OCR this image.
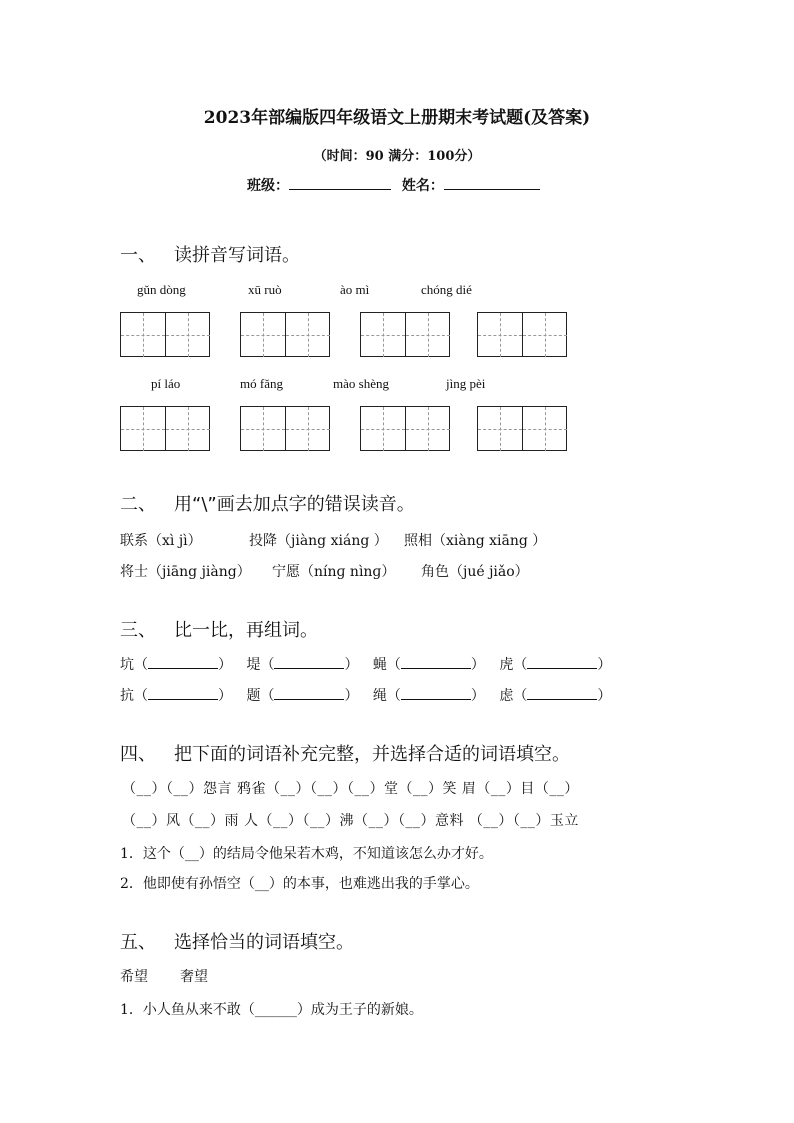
2023年部编版四年级语文上册期末考试题(及答案)
（时间：90 满分：100分）
班级：	姓名：
一、 读拼音写词语。
gǔn dòng	xū ruò	ào mì	chóng dié
pí láo	mó fǎng	mào shèng	jìng pèi
二、 用“\”画去加点字的错误读音。
联系（xì jì）	投降（jiàng xiáng ） 照相（xiàng xiāng ）
将士（jiāng jiàng） 宁愿（nínɡ nìnɡ） 角色（jué jiǎo）
三、 比一比，再组词。
坑（	） 堤（	） 蝇（	） 虎（	）
抗（	） 题（	） 绳（	） 虑（	）
四、 把下面的词语补充完整，并选择合适的词语填空。
（__）（__）怨言 鸦雀（__）（__）（__）堂（__）笑 眉（__）目（__）
（__）风（__）雨 人（__）（__）沸（__）（__）意料 （__）（__）玉立
1．这个（__）的结局令他呆若木鸡，不知道该怎么办才好。
2．他即使有孙悟空（__）的本事，也难逃出我的手掌心。
五、 选择恰当的词语填空。
希望 奢望
1．小人鱼从来不敢（______）成为王子的新娘。
